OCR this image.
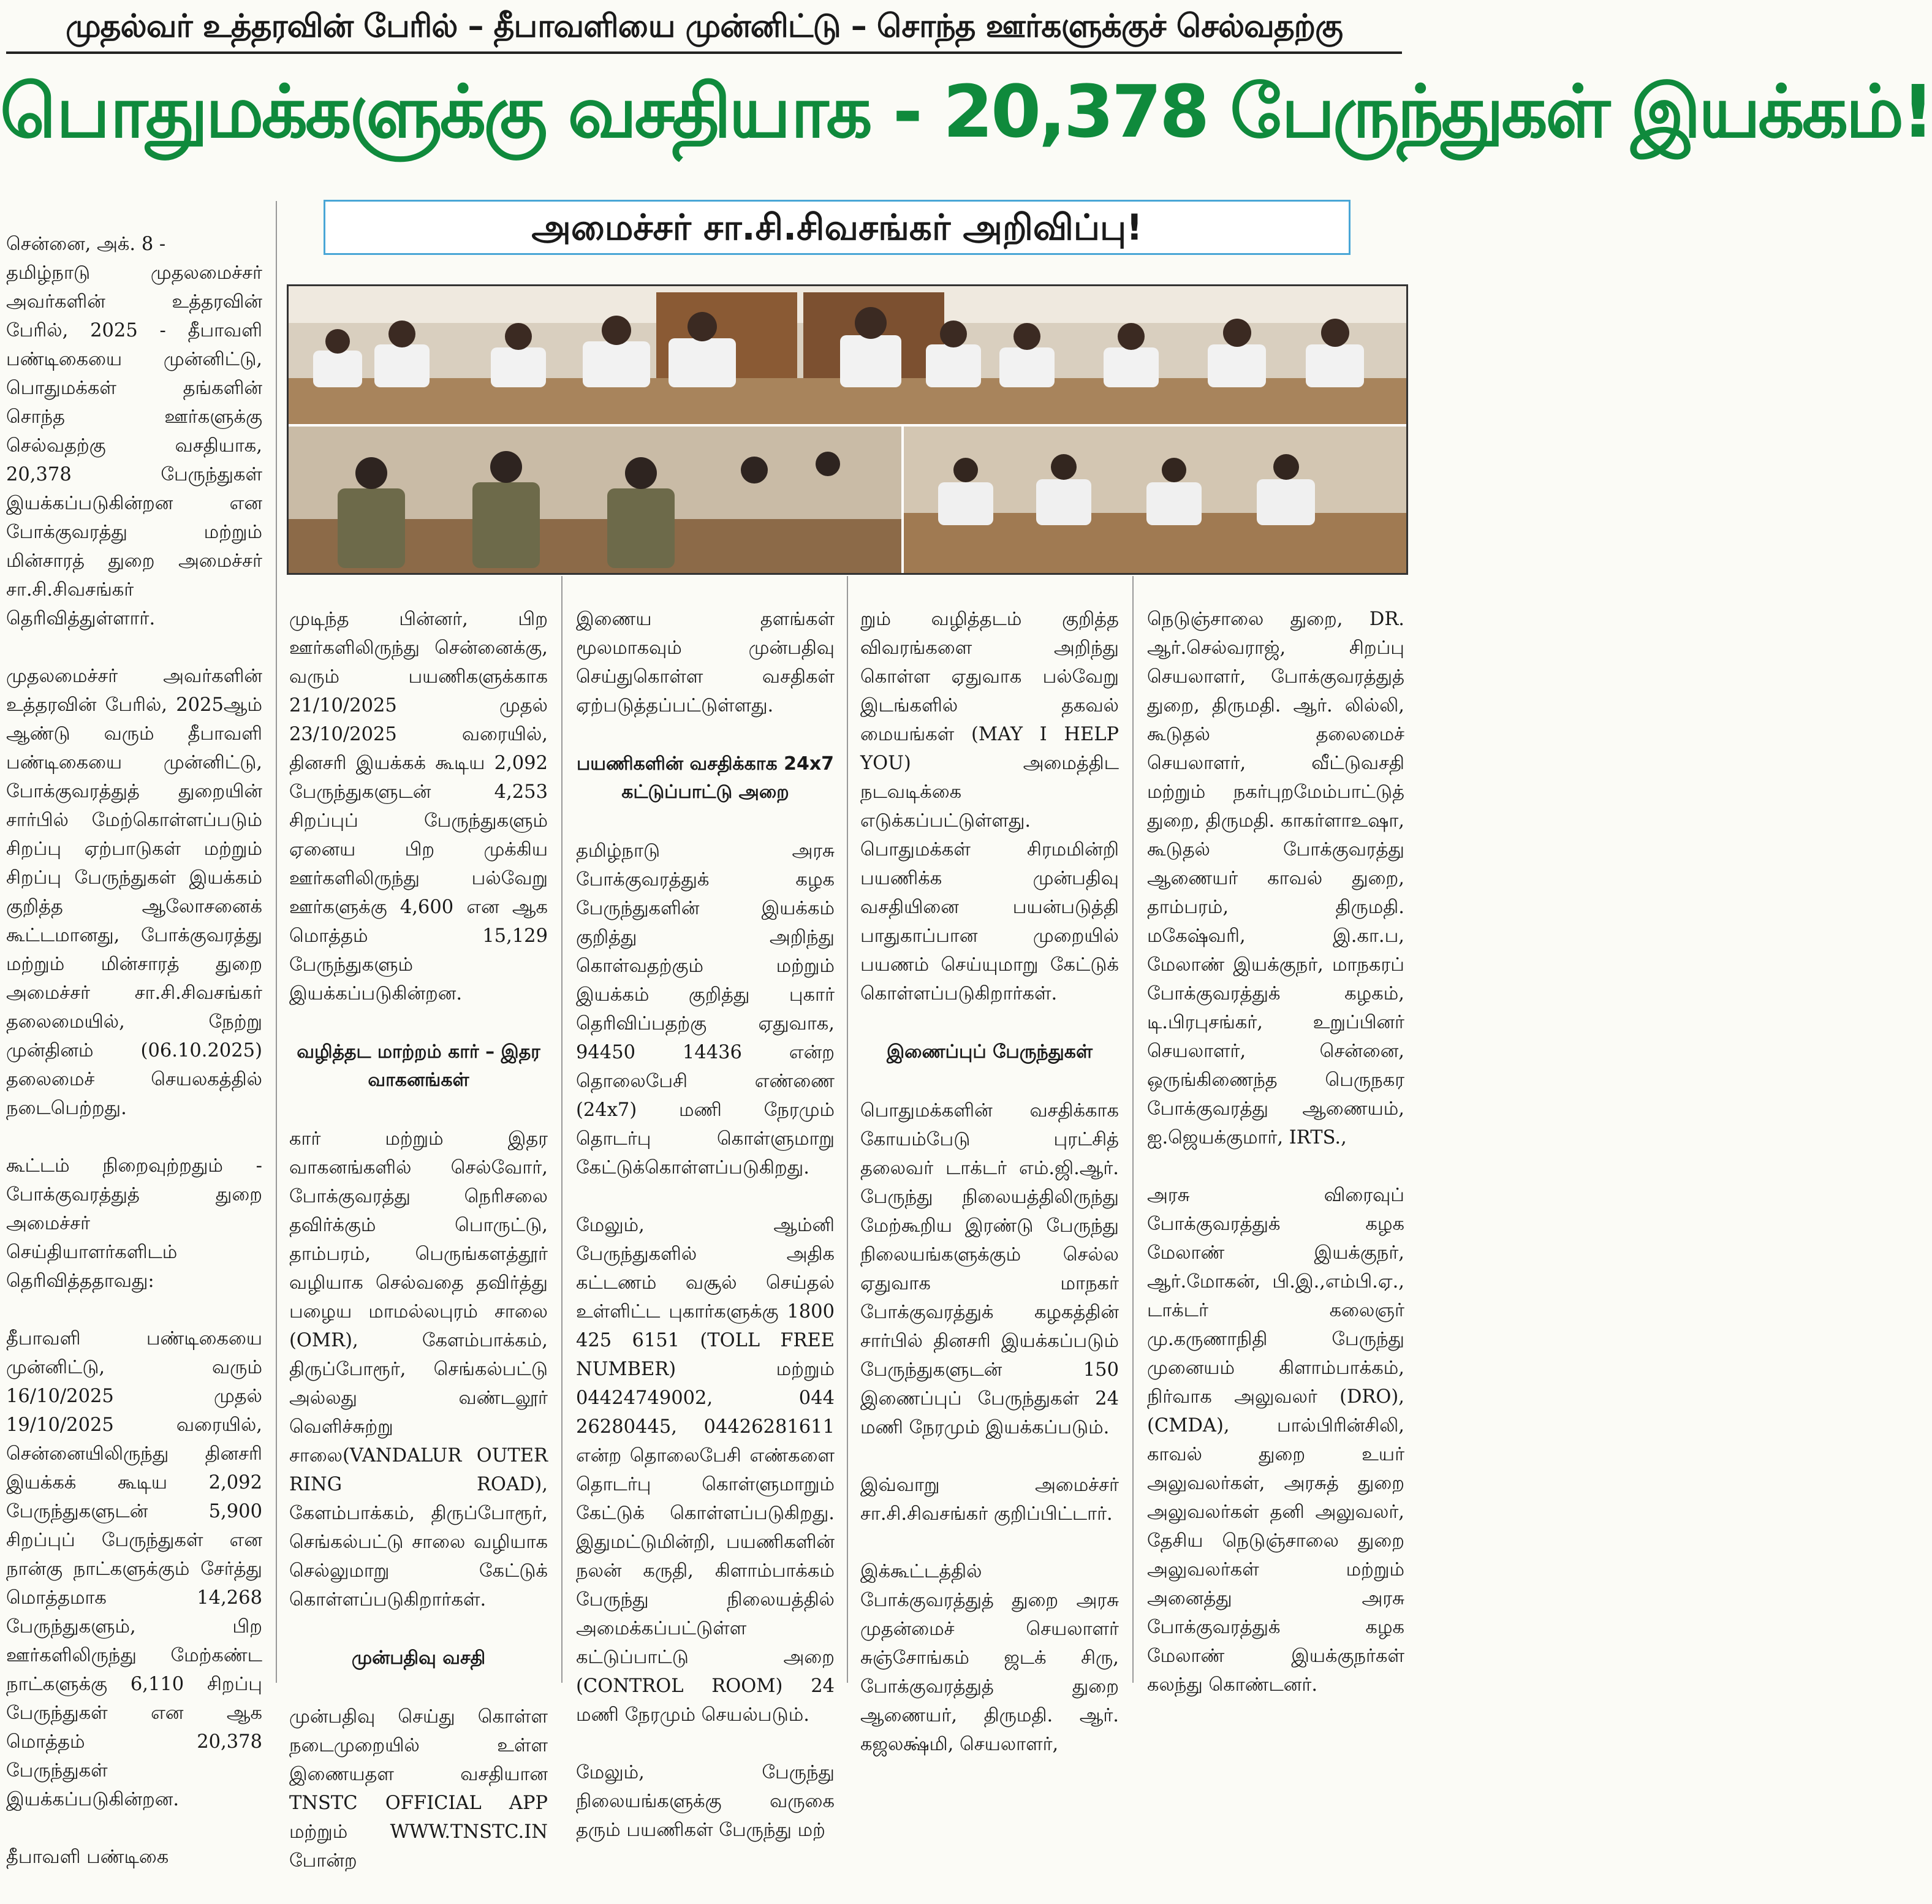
முதல்வர் உத்தரவின் பேரில் – தீபாவளியை முன்னிட்டு – சொந்த ஊர்களுக்குச் செல்வதற்கு
பொதுமக்களுக்கு வசதியாக - 20,378 பேருந்துகள் இயக்கம்!
அமைச்சர் சா.சி.சிவசங்கர் அறிவிப்பு!

சென்னை, அக். 8 -
தமிழ்நாடு முதலமைச்சர் அவர்களின் உத்தரவின் பேரில், 2025 - தீபாவளி பண்டிகையை முன்னிட்டு, பொதுமக்கள் தங்களின் சொந்த ஊர்களுக்கு செல்வதற்கு வசதியாக, 20,378 பேருந்துகள் இயக்கப்படுகின்றன என போக்குவரத்து மற்றும் மின்சாரத் துறை அமைச்சர் சா.சி.சிவசங்கர் தெரிவித்துள்ளார்.

முதலமைச்சர் அவர்களின் உத்தரவின் பேரில், 2025ஆம் ஆண்டு வரும் தீபாவளி பண்டிகையை முன்னிட்டு, போக்குவரத்துத் துறையின் சார்பில் மேற்கொள்ளப்படும் சிறப்பு ஏற்பாடுகள் மற்றும் சிறப்பு பேருந்துகள் இயக்கம் குறித்த ஆலோசனைக் கூட்டமானது, போக்குவரத்து மற்றும் மின்சாரத் துறை அமைச்சர் சா.சி.சிவசங்கர் தலைமையில், நேற்று முன்தினம் (06.10.2025) தலைமைச் செயலகத்தில் நடைபெற்றது.

கூட்டம் நிறைவுற்றதும் - போக்குவரத்துத் துறை அமைச்சர் செய்தியாளர்களிடம் தெரிவித்ததாவது:

தீபாவளி பண்டிகையை முன்னிட்டு, வரும் 16/10/2025 முதல் 19/10/2025 வரையில், சென்னையிலிருந்து தினசரி இயக்கக் கூடிய 2,092 பேருந்துகளுடன் 5,900 சிறப்புப் பேருந்துகள் என நான்கு நாட்களுக்கும் சேர்த்து மொத்தமாக 14,268 பேருந்துகளும், பிற ஊர்களிலிருந்து மேற்கண்ட நாட்களுக்கு 6,110 சிறப்பு பேருந்துகள் என ஆக மொத்தம் 20,378 பேருந்துகள் இயக்கப்படுகின்றன.

தீபாவளி பண்டிகை

முடிந்த பின்னர், பிற ஊர்களிலிருந்து சென்னைக்கு, வரும் பயணிகளுக்காக 21/10/2025 முதல் 23/10/2025 வரையில், தினசரி இயக்கக் கூடிய 2,092 பேருந்துகளுடன் 4,253 சிறப்புப் பேருந்துகளும் ஏனைய பிற முக்கிய ஊர்களிலிருந்து பல்வேறு ஊர்களுக்கு 4,600 என ஆக மொத்தம் 15,129 பேருந்துகளும் இயக்கப்படுகின்றன.

வழித்தட மாற்றம் கார் – இதர வாகனங்கள்

கார் மற்றும் இதர வாகனங்களில் செல்வோர், போக்குவரத்து நெரிசலை தவிர்க்கும் பொருட்டு, தாம்பரம், பெருங்களத்தூர் வழியாக செல்வதை தவிர்த்து பழைய மாமல்லபுரம் சாலை (OMR), கேளம்பாக்கம், திருப்போரூர், செங்கல்பட்டு அல்லது வண்டலூர் வெளிச்சுற்று சாலை(VANDALUR OUTER RING ROAD), கேளம்பாக்கம், திருப்போரூர், செங்கல்பட்டு சாலை வழியாக செல்லுமாறு கேட்டுக் கொள்ளப்படுகிறார்கள்.

முன்பதிவு வசதி

முன்பதிவு செய்து கொள்ள நடைமுறையில் உள்ள இணையதள வசதியான TNSTC OFFICIAL APP மற்றும் WWW.TNSTC.IN போன்ற

இணைய தளங்கள் மூலமாகவும் முன்பதிவு செய்துகொள்ள வசதிகள் ஏற்படுத்தப்பட்டுள்ளது.

பயணிகளின் வசதிக்காக 24x7 கட்டுப்பாட்டு அறை

தமிழ்நாடு அரசு போக்குவரத்துக் கழக பேருந்துகளின் இயக்கம் குறித்து அறிந்து கொள்வதற்கும் மற்றும் இயக்கம் குறித்து புகார் தெரிவிப்பதற்கு ஏதுவாக, 94450 14436 என்ற தொலைபேசி எண்ணை (24x7) மணி நேரமும் தொடர்பு கொள்ளுமாறு கேட்டுக்கொள்ளப்படுகிறது.

மேலும், ஆம்னி பேருந்துகளில் அதிக கட்டணம் வசூல் செய்தல் உள்ளிட்ட புகார்களுக்கு 1800 425 6151 (TOLL FREE NUMBER) மற்றும் 04424749002, 044 26280445, 04426281611 என்ற தொலைபேசி எண்களை தொடர்பு கொள்ளுமாறும் கேட்டுக் கொள்ளப்படுகிறது. இதுமட்டுமின்றி, பயணிகளின் நலன் கருதி, கிளாம்பாக்கம் பேருந்து நிலையத்தில் அமைக்கப்பட்டுள்ள கட்டுப்பாட்டு அறை (CONTROL ROOM) 24 மணி நேரமும் செயல்படும்.

மேலும், பேருந்து நிலையங்களுக்கு வருகை தரும் பயணிகள் பேருந்து மற்

றும் வழித்தடம் குறித்த விவரங்களை அறிந்து கொள்ள ஏதுவாக பல்வேறு இடங்களில் தகவல் மையங்கள் (MAY I HELP YOU) அமைத்திட நடவடிக்கை எடுக்கப்பட்டுள்ளது. பொதுமக்கள் சிரமமின்றி பயணிக்க முன்பதிவு வசதியினை பயன்படுத்தி பாதுகாப்பான முறையில் பயணம் செய்யுமாறு கேட்டுக் கொள்ளப்படுகிறார்கள்.

இணைப்புப் பேருந்துகள்

பொதுமக்களின் வசதிக்காக கோயம்பேடு புரட்சித் தலைவர் டாக்டர் எம்.ஜி.ஆர். பேருந்து நிலையத்திலிருந்து மேற்கூறிய இரண்டு பேருந்து நிலையங்களுக்கும் செல்ல ஏதுவாக மாநகர் போக்குவரத்துக் கழகத்தின் சார்பில் தினசரி இயக்கப்படும் பேருந்துகளுடன் 150 இணைப்புப் பேருந்துகள் 24 மணி நேரமும் இயக்கப்படும்.

இவ்வாறு அமைச்சர் சா.சி.சிவசங்கர் குறிப்பிட்டார்.

இக்கூட்டத்தில் போக்குவரத்துத் துறை அரசு முதன்மைச் செயலாளர் சுஞ்சோங்கம் ஜடக் சிரு, போக்குவரத்துத் துறை ஆணையர், திருமதி. ஆர். கஜலக்ஷ்மி, செயலாளர்,

நெடுஞ்சாலை துறை, DR. ஆர்.செல்வராஜ், சிறப்பு செயலாளர், போக்குவரத்துத் துறை, திருமதி. ஆர். லில்லி, கூடுதல் தலைமைச் செயலாளர், வீட்டுவசதி மற்றும் நகர்புறமேம்பாட்டுத் துறை, திருமதி. காகர்ளாஉஷா, கூடுதல் போக்குவரத்து ஆணையர் காவல் துறை, தாம்பரம், திருமதி. மகேஷ்வரி, இ.கா.ப, மேலாண் இயக்குநர், மாநகரப் போக்குவரத்துக் கழகம், டி.பிரபுசங்கர், உறுப்பினர் செயலாளர், சென்னை, ஒருங்கிணைந்த பெருநகர போக்குவரத்து ஆணையம், ஐ.ஜெயக்குமார், IRTS.,

அரசு விரைவுப் போக்குவரத்துக் கழக மேலாண் இயக்குநர், ஆர்.மோகன், பி.இ.,எம்பி.ஏ., டாக்டர் கலைஞர் மு.கருணாநிதி பேருந்து முனையம் கிளாம்பாக்கம், நிர்வாக அலுவலர் (DRO), (CMDA), பால்பிரின்சிலி, காவல் துறை உயர் அலுவலர்கள், அரசுத் துறை அலுவலர்கள் தனி அலுவலர், தேசிய நெடுஞ்சாலை துறை அலுவலர்கள் மற்றும் அனைத்து அரசு போக்குவரத்துக் கழக மேலாண் இயக்குநர்கள் கலந்து கொண்டனர்.
